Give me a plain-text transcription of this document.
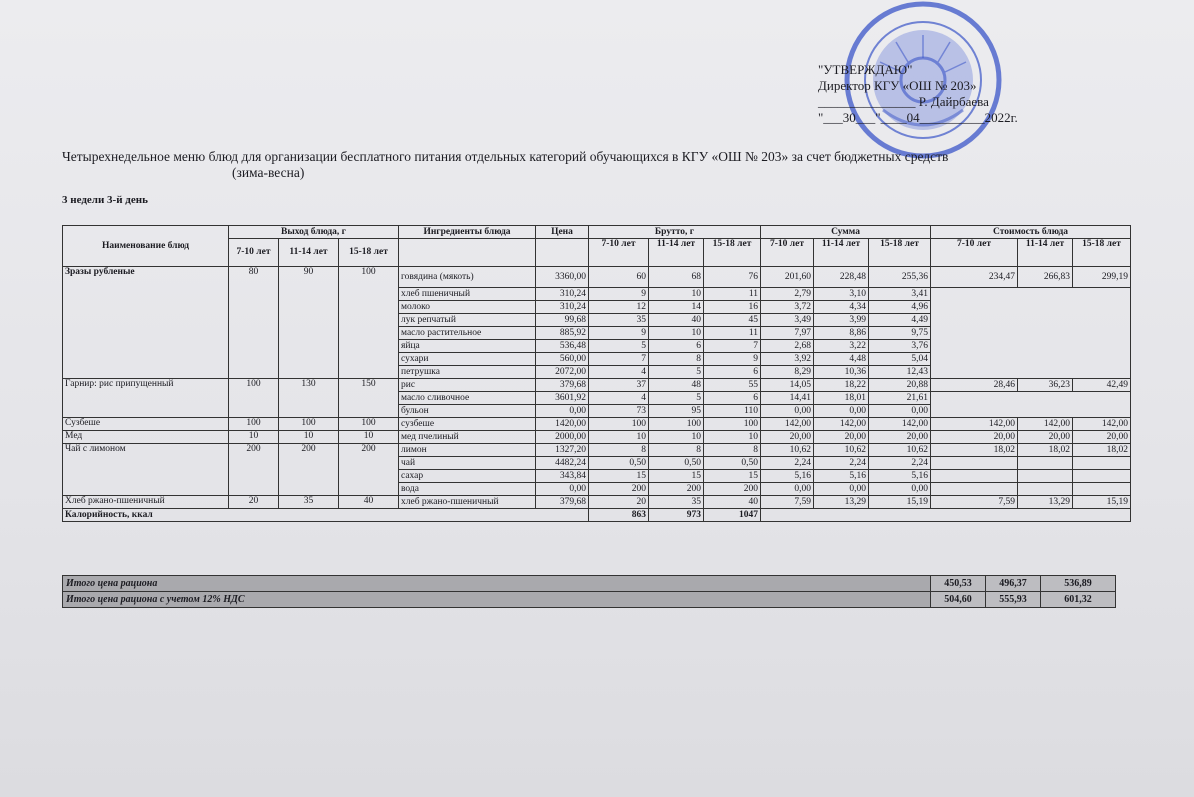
"УТВЕРЖДАЮ"
Директор КГУ «ОШ № 203»
_______________ Р. Дайрбаева
"___30___"____04__________2022г.
Четырехнедельное меню блюд для организации бесплатного питания отдельных категорий обучающихся в КГУ «ОШ № 203» за счет бюджетных средств
(зима-весна)
3 недели 3-й день
Наименование блюд	Выход блюда, г			Ингредиенты блюда	Цена	Брутто, г			Сумма			Стоимость блюда		
	7-10 лет	11-14 лет	15-18 лет			7-10 лет	11-14 лет	15-18 лет	7-10 лет	11-14 лет	15-18 лет	7-10 лет	11-14 лет	15-18 лет
Зразы рубленые	80	90	100	говядина (мякоть)	3360,00	60	68	76	201,60	228,48	255,36	234,47	266,83	299,19
				хлеб пшеничный	310,24	9	10	11	2,79	3,10	3,41			
				молоко	310,24	12	14	16	3,72	4,34	4,96			
				лук репчатый	99,68	35	40	45	3,49	3,99	4,49			
				масло растительное	885,92	9	10	11	7,97	8,86	9,75			
				яйца	536,48	5	6	7	2,68	3,22	3,76			
				сухари	560,00	7	8	9	3,92	4,48	5,04			
				петрушка	2072,00	4	5	6	8,29	10,36	12,43			
Гарнир: рис припущенный	100	130	150	рис	379,68	37	48	55	14,05	18,22	20,88	28,46	36,23	42,49
				масло сливочное	3601,92	4	5	6	14,41	18,01	21,61			
				бульон	0,00	73	95	110	0,00	0,00	0,00			
Сузбеше	100	100	100	сузбеше	1420,00	100	100	100	142,00	142,00	142,00	142,00	142,00	142,00
Мед	10	10	10	мед пчелиный	2000,00	10	10	10	20,00	20,00	20,00	20,00	20,00	20,00
Чай с лимоном	200	200	200	лимон	1327,20	8	8	8	10,62	10,62	10,62	18,02	18,02	18,02
				чай	4482,24	0,50	0,50	0,50	2,24	2,24	2,24			
				сахар	343,84	15	15	15	5,16	5,16	5,16			
				вода	0,00	200	200	200	0,00	0,00	0,00			
Хлеб ржано-пшеничный	20	35	40	хлеб ржано-пшеничный	379,68	20	35	40	7,59	13,29	15,19	7,59	13,29	15,19
Калорийность, ккал						863	973	1047						
Итого цена рациона	450,53	496,37	536,89
Итого цена рациона с учетом 12% НДС	504,60	555,93	601,32
